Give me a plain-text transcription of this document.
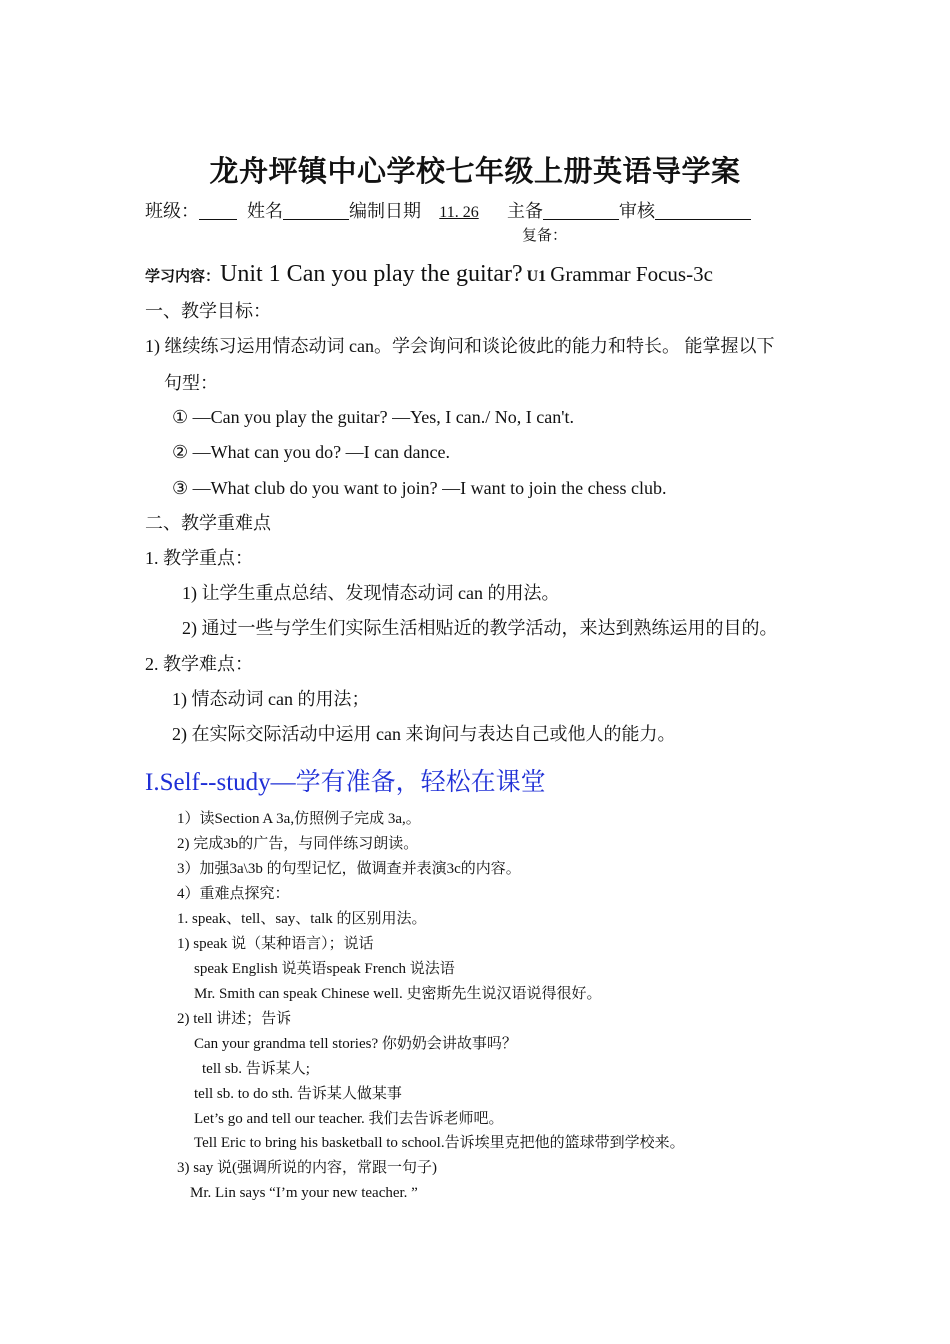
龙舟坪镇中心学校七年级上册英语导学案
班级：	姓名	编制日期 11. 26 主备	审核
复备：
学习内容：Unit 1 Can you play the guitar? U1 Grammar Focus-3c
一、教学目标：
1) 继续练习运用情态动词 can。学会询问和谈论彼此的能力和特长。 能掌握以下
句型：
① —Can you play the guitar? —Yes, I can./ No, I can't.
② —What can you do? —I can dance.
③ —What club do you want to join? —I want to join the chess club.
二、教学重难点
1. 教学重点：
1) 让学生重点总结、发现情态动词 can 的用法。
2) 通过一些与学生们实际生活相贴近的教学活动，来达到熟练运用的目的。
2. 教学难点：
1) 情态动词 can 的用法；
2) 在实际交际活动中运用 can 来询问与表达自己或他人的能力。
I.Self--study—学有准备，轻松在课堂
1）读Section A 3a,仿照例子完成 3a,。
2) 完成3b的广告，与同伴练习朗读。
3）加强3a\3b 的句型记忆，做调查并表演3c的内容。
4）重难点探究：
1. speak、tell、say、talk 的区别用法。
1) speak 说（某种语言）；说话
speak English 说英语speak French 说法语
Mr. Smith can speak Chinese well. 史密斯先生说汉语说得很好。
2) tell 讲述；告诉
Can your grandma tell stories? 你奶奶会讲故事吗？
tell sb. 告诉某人;
tell sb. to do sth. 告诉某人做某事
Let’s go and tell our teacher. 我们去告诉老师吧。
Tell Eric to bring his basketball to school.告诉埃里克把他的篮球带到学校来。
3) say 说(强调所说的内容，常跟一句子)
Mr. Lin says “I’m your new teacher. ”
